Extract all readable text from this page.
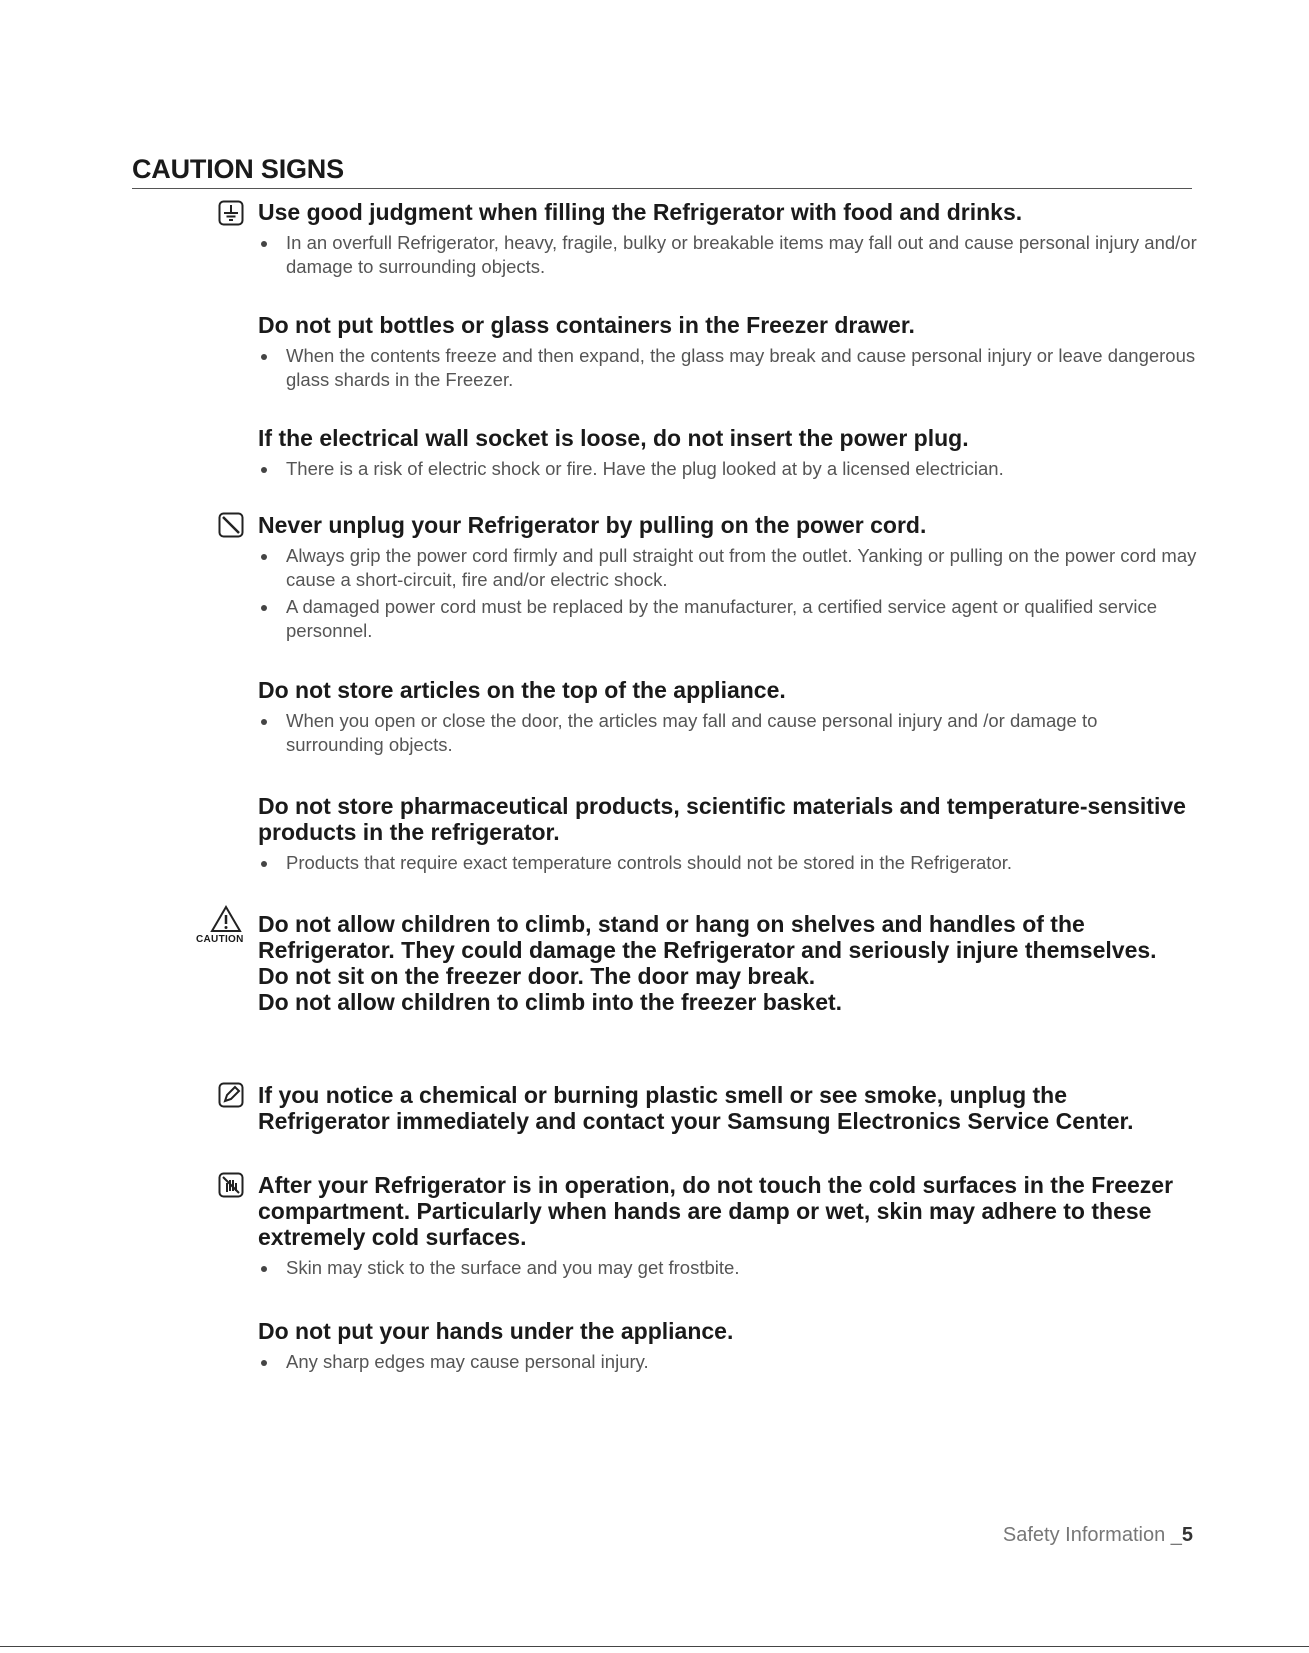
CAUTION SIGNS

Use good judgment when filling the Refrigerator with food and drinks.

In an overfull Refrigerator, heavy, fragile, bulky or breakable items may fall out and cause personal injury and/or damage to surrounding objects.

Do not put bottles or glass containers in the Freezer drawer.

When the contents freeze and then expand, the glass may break and cause personal injury or leave dangerous glass shards in the Freezer.

If the electrical wall socket is loose, do not insert the power plug.

There is a risk of electric shock or fire. Have the plug looked at by a licensed electrician.

Never unplug your Refrigerator by pulling on the power cord.

Always grip the power cord firmly and pull straight out from the outlet. Yanking or pulling on the power cord may cause a short-circuit, fire and/or electric shock.
A damaged power cord must be replaced by the manufacturer, a certified service agent or qualified service personnel.

Do not store articles on the top of the appliance.

When you open or close the door, the articles may fall and cause personal injury and /or damage to surrounding objects.

Do not store pharmaceutical products, scientific materials and temperature-sensitive products in the refrigerator.

Products that require exact temperature controls should not be stored in the Refrigerator.
CAUTION

Do not allow children to climb, stand or hang on shelves and handles of the

Refrigerator. They could damage the Refrigerator and seriously injure themselves.

Do not sit on the freezer door. The door may break.

Do not allow children to climb into the freezer basket.

If you notice a chemical or burning plastic smell or see smoke, unplug the Refrigerator immediately and contact your Samsung Electronics Service Center.

After your Refrigerator is in operation, do not touch the cold surfaces in the Freezer compartment. Particularly when hands are damp or wet, skin may adhere to these extremely cold surfaces.

Skin may stick to the surface and you may get frostbite.

Do not put your hands under the appliance.

Any sharp edges may cause personal injury.
Safety Information _5
